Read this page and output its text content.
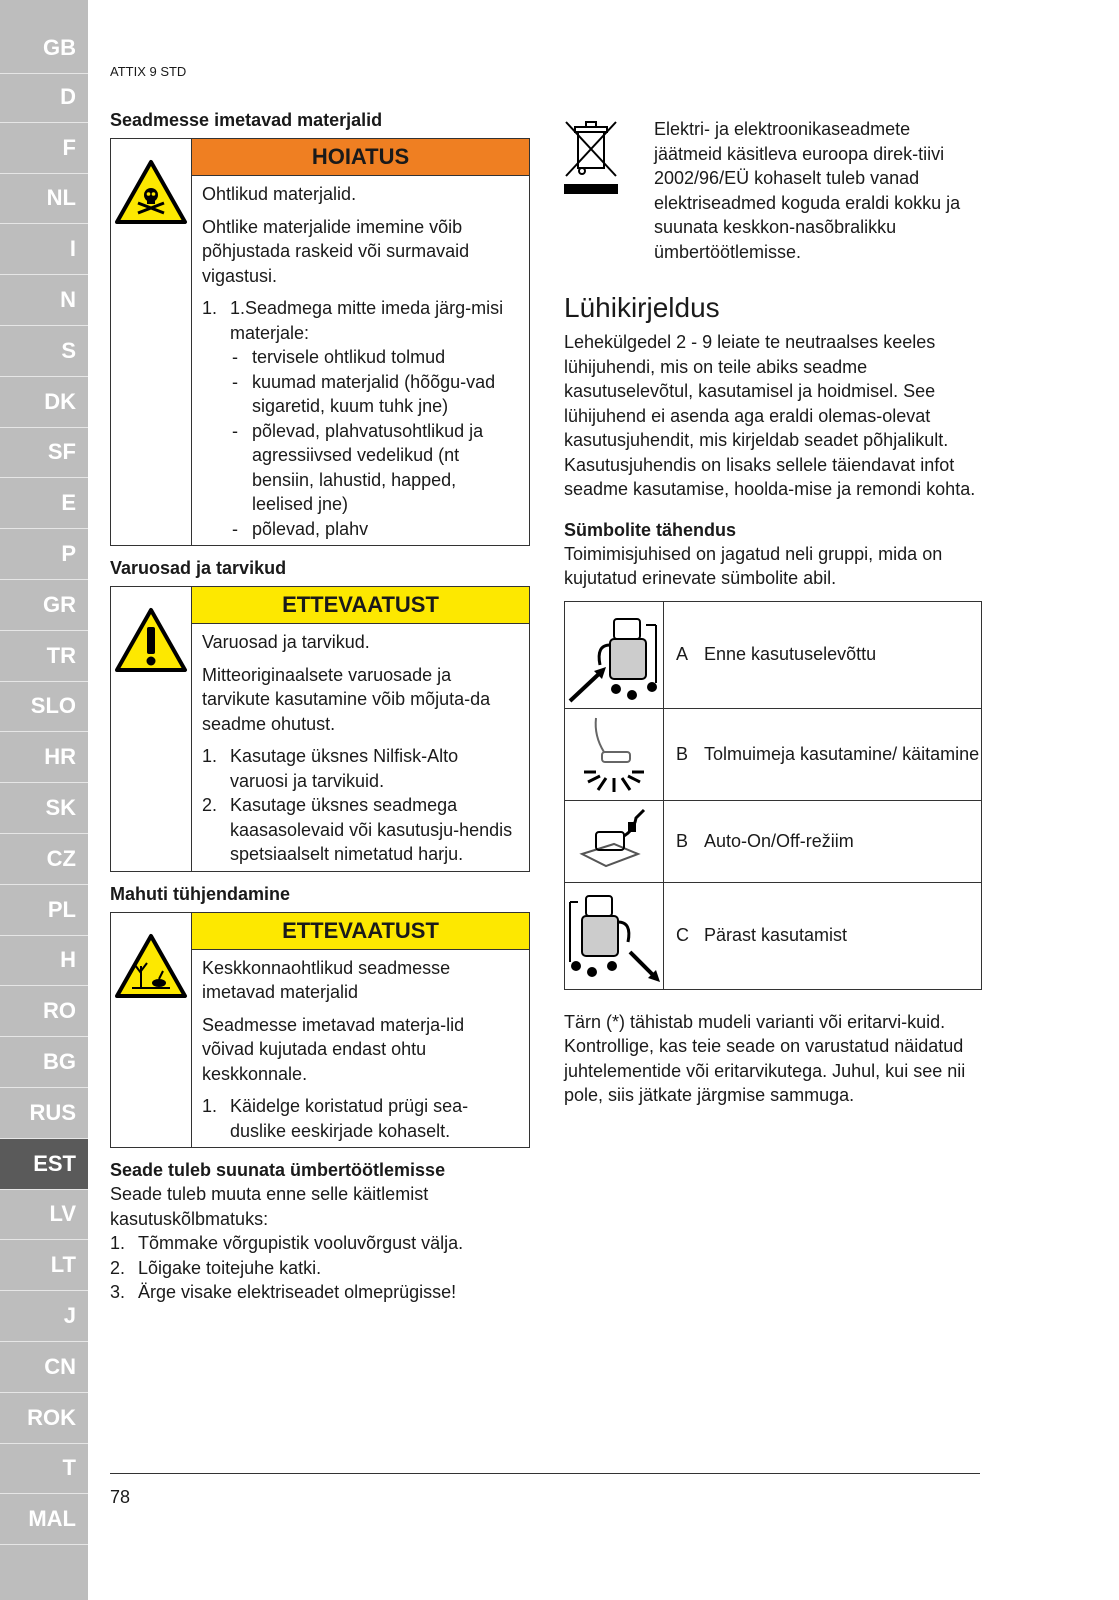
GB
D
F
NL
I
N
S
DK
SF
E
P
GR
TR
SLO
HR
SK
CZ
PL
H
RO
BG
RUS
EST
LV
LT
J
CN
ROK
T
MAL
ATTIX 9 STD
Seadmesse imetavad materjalid
HOIATUS

Ohtlikud materjalid.

Ohtlike materjalide imemine võib põhjustada raskeid või surmavaid vigastusi.

1. 1.Seadmega mitte imeda järg-misi materjale:
- tervisele ohtlikud tolmud
- kuumad materjalid (hõõgu-vad sigaretid, kuum tuhk jne)
- põlevad, plahvatusohtlikud ja agressiivsed vedelikud (nt bensiin, lahustid, happed, leelised jne)
- põlevad, plahv
Varuosad ja tarvikud
ETTEVAATUST

Varuosad ja tarvikud.

Mitteoriginaalsete varuosade ja tarvikute kasutamine võib mõjuta-da seadme ohutust.

1. Kasutage üksnes Nilfisk-Alto varuosi ja tarvikuid.
2. Kasutage üksnes seadmega kaasasolevaid või kasutusju-hendis spetsiaalselt nimetatud harju.
Mahuti tühjendamine
ETTEVAATUST

Keskkonnaohtlikud seadmesse imetavad materjalid

Seadmesse imetavad materja-lid võivad kujutada endast ohtu keskkonnale.

1. Käidelge koristatud prügi sea-duslike eeskirjade kohaselt.
Seade tuleb suunata ümbertöötlemisse

Seade tuleb muuta enne selle käitlemist kasutuskõlbmatuks:

1. Tõmmake võrgupistik vooluvõrgust välja.
2. Lõigake toitejuhe katki.
3. Ärge visake elektriseadet olmeprügisse!

Elektri- ja elektroonikaseadmete jäätmeid käsitleva euroopa direk-tiivi 2002/96/EÜ kohaselt tuleb vanad elektriseadmed koguda eraldi kokku ja suunata keskkon-nasõbralikku ümbertöötlemisse.

Lühikirjeldus

Lehekülgedel 2 - 9 leiate te neutraalses keeles lühijuhendi, mis on teile abiks seadme kasutuselevõtul, kasutamisel ja hoidmisel. See lühijuhend ei asenda aga eraldi olemas-olevat kasutusjuhendit, mis kirjeldab seadet põhjalikult. Kasutusjuhendis on lisaks sellele täiendavat infot seadme kasutamise, hoolda-mise ja remondi kohta.

Sümbolite tähendus

Toimimisjuhised on jagatud neli gruppi, mida on kujutatud erinevate sümbolite abil.

A Enne kasutuselevõttu
B Tolmuimeja kasutamine/ käitamine
B Auto-On/Off-režiim
C Pärast kasutamist

Tärn (*) tähistab mudeli varianti või eritarvi-kuid.

Kontrollige, kas teie seade on varustatud näidatud juhtelementide või eritarvikutega. Juhul, kui see nii pole, siis jätkate järgmise sammuga.

78
